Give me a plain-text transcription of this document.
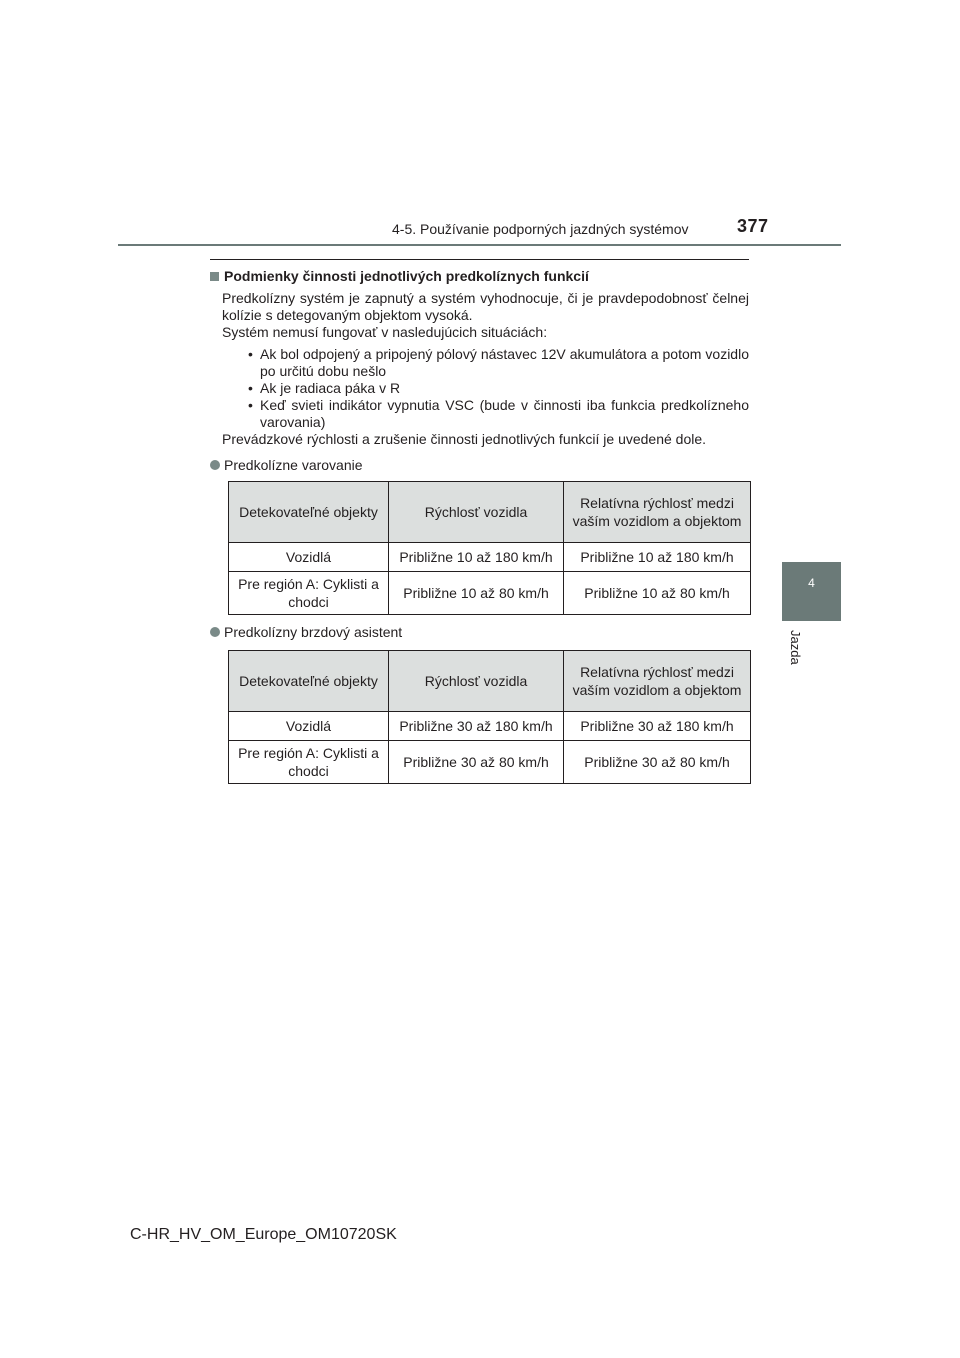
4-5. Používanie podporných jazdných systémov	377
4
Jazda
Podmienky činnosti jednotlivých predkolíznych funkcií

Predkolízny systém je zapnutý a systém vyhodnocuje, či je pravdepodobnosť čelnej kolízie s detegovaným objektom vysoká.

Systém nemusí fungovať v nasledujúcich situáciách:

• Ak bol odpojený a pripojený pólový nástavec 12V akumulátora a potom vozidlo po určitú dobu nešlo
• Ak je radiaca páka v R
• Keď svieti indikátor vypnutia VSC (bude v činnosti iba funkcia predkolízneho varovania)

Prevádzkové rýchlosti a zrušenie činnosti jednotlivých funkcií je uvedené dole.

Predkolízne varovanie
Detekovateľné objekty	Rýchlosť vozidla	Relatívna rýchlosť medzi vaším vozidlom a objektom
Vozidlá	Približne 10 až 180 km/h	Približne 10 až 180 km/h
Pre región A: Cyklisti a chodci	Približne 10 až 80 km/h	Približne 10 až 80 km/h
Predkolízny brzdový asistent
Detekovateľné objekty	Rýchlosť vozidla	Relatívna rýchlosť medzi vaším vozidlom a objektom
Vozidlá	Približne 30 až 180 km/h	Približne 30 až 180 km/h
Pre región A: Cyklisti a chodci	Približne 30 až 80 km/h	Približne 30 až 80 km/h
C-HR_HV_OM_Europe_OM10720SK
